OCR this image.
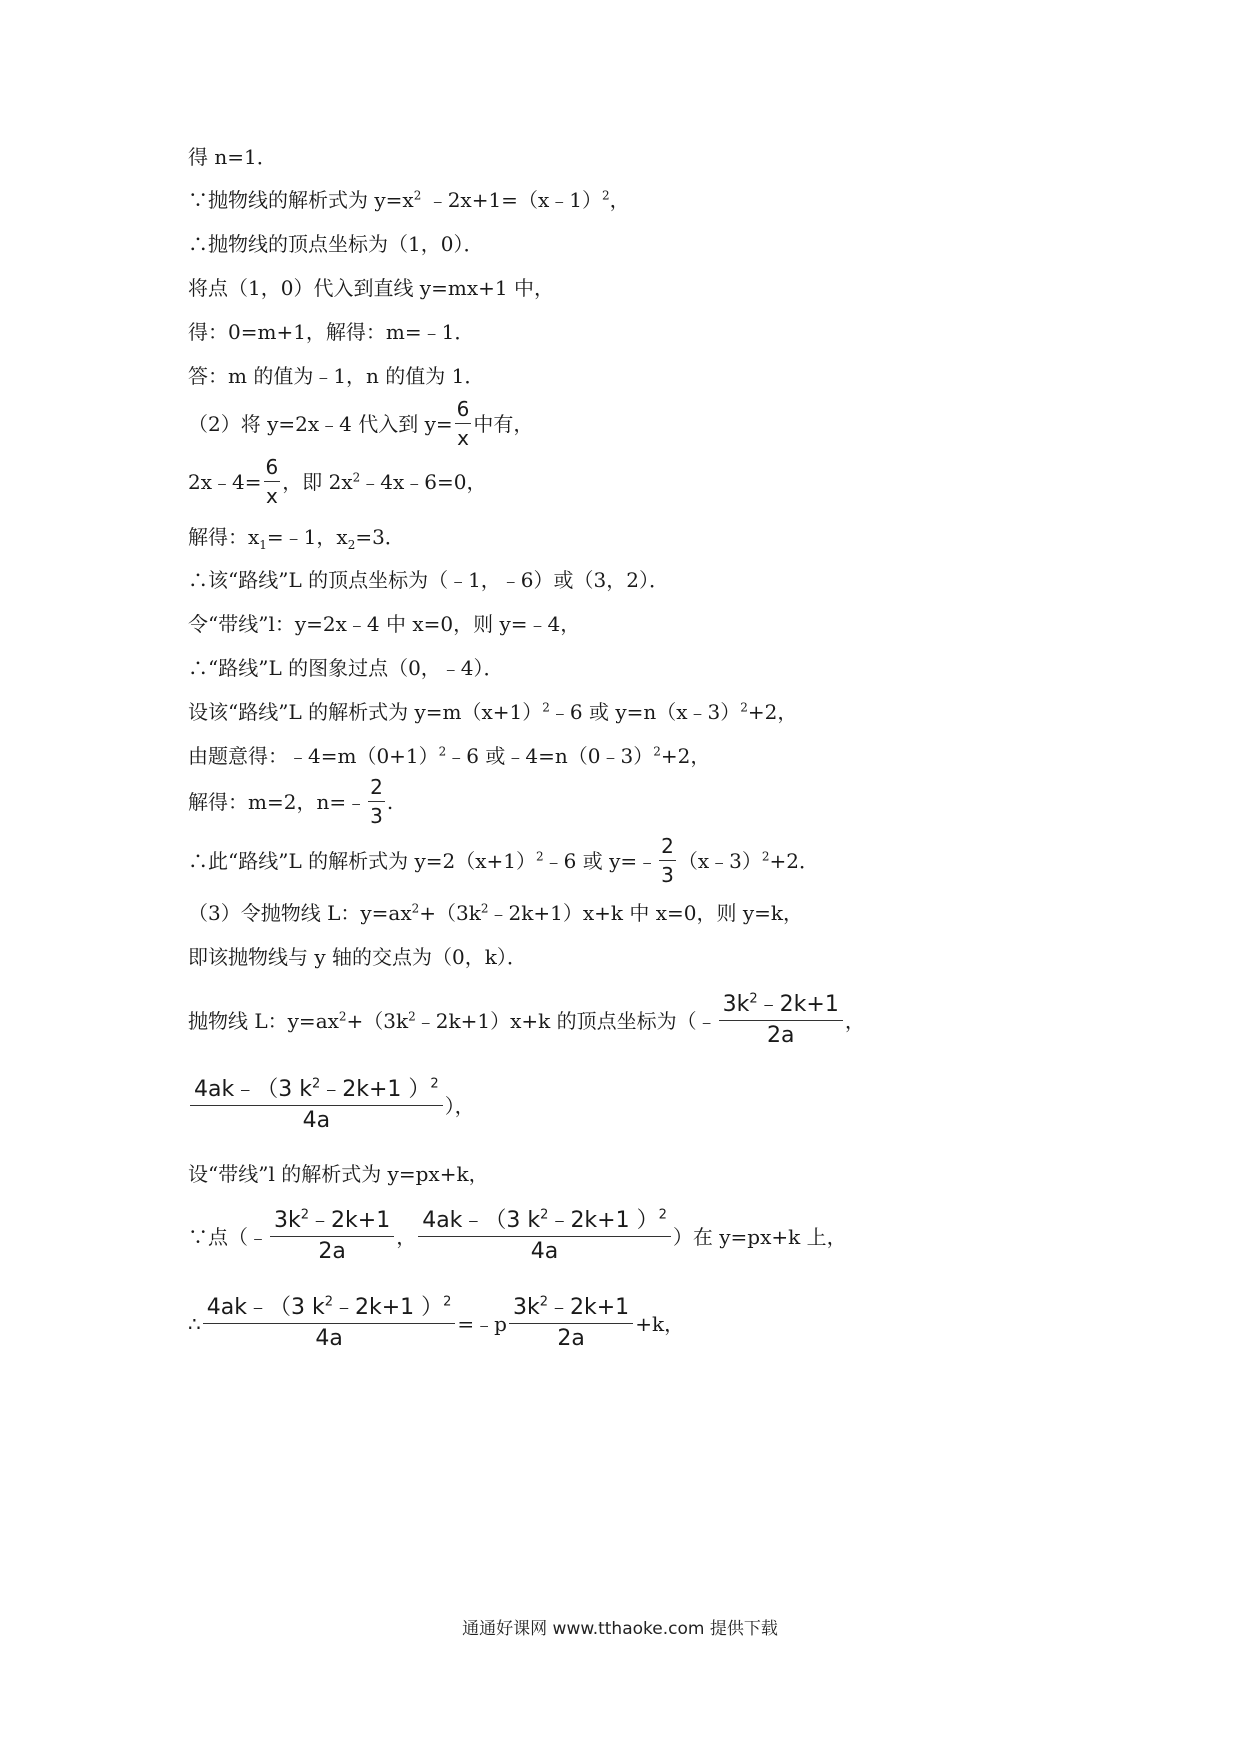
得 n=1．
∵抛物线的解析式为 $y=x^2$ ﹣2x+1=（x﹣1）$^2$，
∴抛物线的顶点坐标为（1，0）．
将点（1，0）代入到直线 y=mx+1 中，
得：0=m+1，解得：m=﹣1．
答：m 的值为﹣1，n 的值为 1．
（2）将 y=2x﹣4 代入到 $y= \frac{6}{x}$ 中有，
2x﹣4= $\frac{6}{x}$ ，即 $2x^2﹣4x﹣6=0$，
解得：$x_1=﹣1$，$x_2=3$．
∴该“路线”L 的顶点坐标为（﹣1，﹣6）或（3，2）．
令“带线”l：y=2x﹣4 中 x=0，则 y=﹣4，
∴“路线”L 的图象过点（0，﹣4）．
设该“路线”L 的解析式为 $y=m(x+1)^2﹣6$ 或 y=n（x﹣3）$^2$+2，
由题意得：$﹣4=m(0+1)^2﹣6$ 或﹣4=n（0﹣3）$^2$+2，
解得：m=2，n=﹣ $\frac{2}{3}$ .
∴此“路线”L 的解析式为 $y=2(x+1)^2﹣6$ 或 y=﹣ $\frac{2}{3}$ （x﹣3）$^2$+2．
（3）令抛物线 L：$y=ax^2+(3k^2﹣2k+1)x+k$ 中 x=0，则 y=k，
即该抛物线与 y 轴的交点为（0，k）．
抛物线 L：$y=ax^2+(3k^2﹣2k+1)x+k$ 的顶点坐标为（﹣ $\frac{3k^2﹣2k+1}{2a}$ ，
$\frac{4ak﹣(3 k^2﹣2k+1 )^2}{4a}$ ），
设“带线”l 的解析式为 y=px+k，
∵点（﹣ $\frac{3k^2﹣2k+1}{2a}$ ， $\frac{4ak﹣(3 k^2﹣2k+1 )^2}{4a}$ ）在 y=px+k 上，
∴ $\frac{4ak﹣(3 k^2﹣2k+1 )^2}{4a}$ =﹣p $\frac{3k^2﹣2k+1}{2a} +k$，
通通好课网 www.tthaoke.com 提供下载
